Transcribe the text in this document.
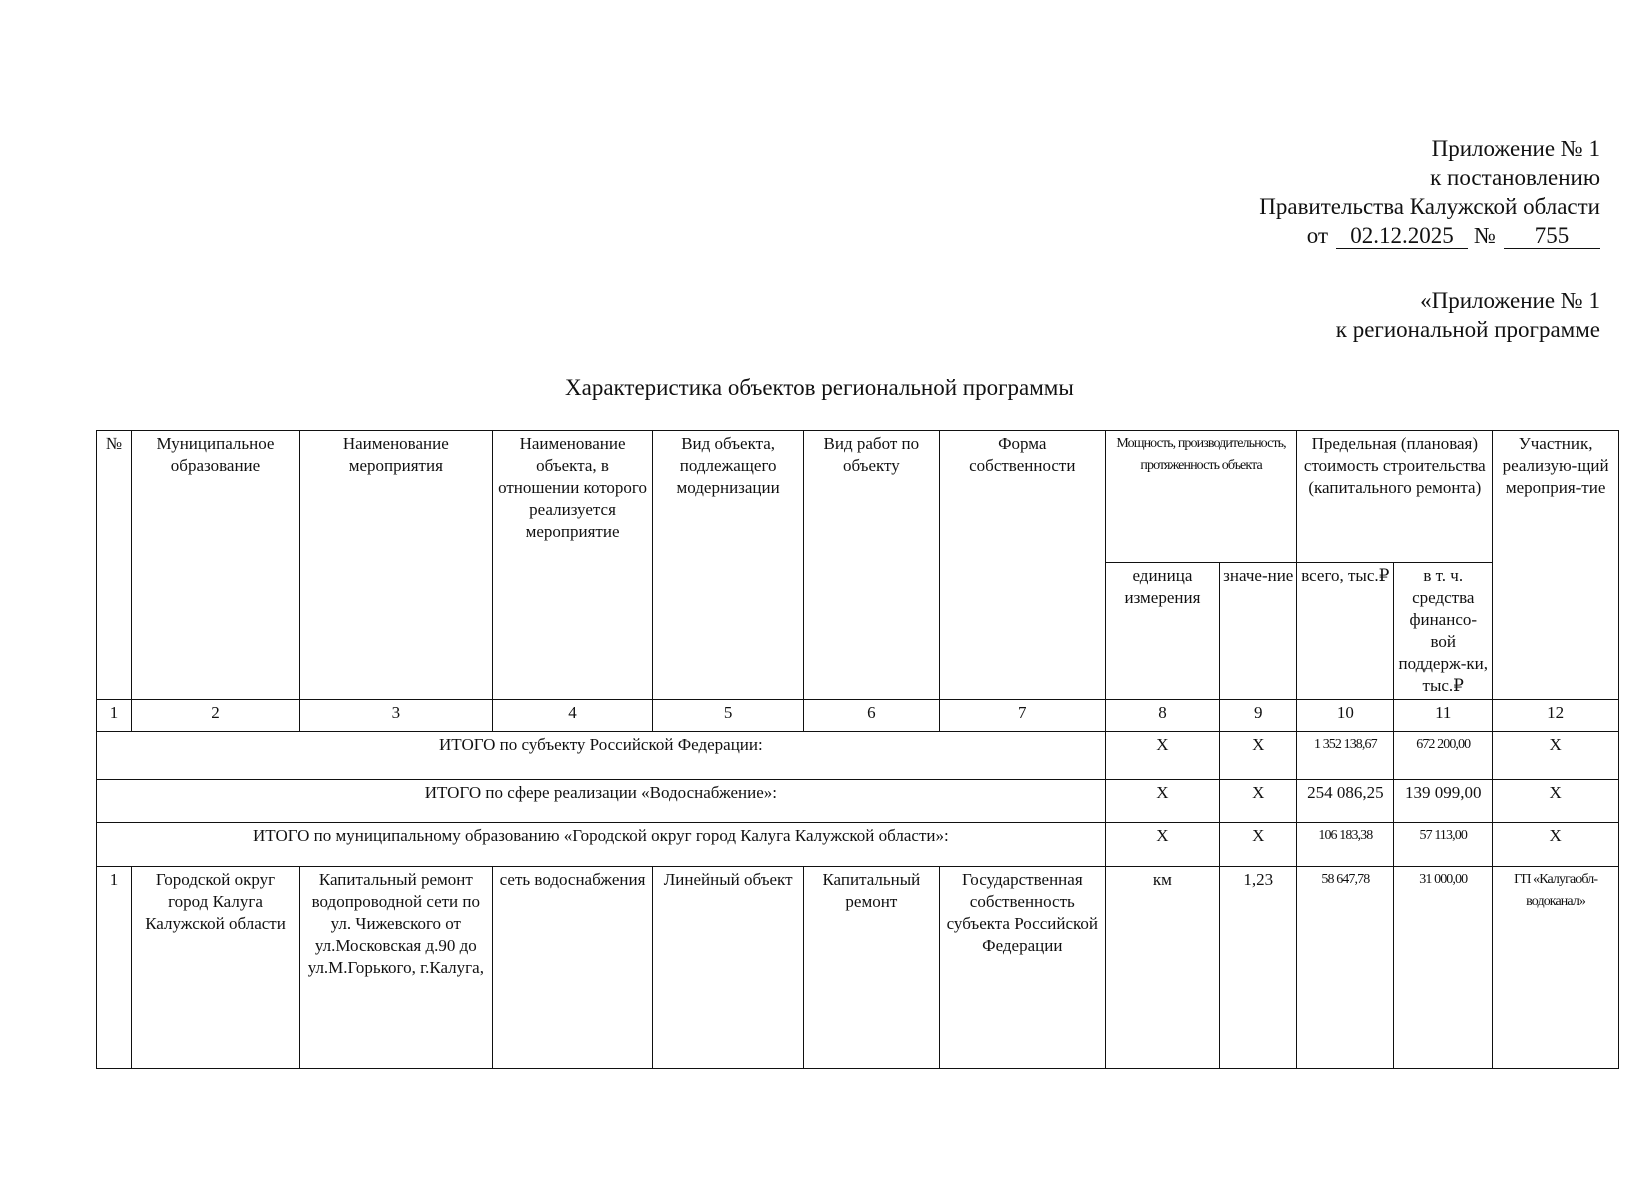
Приложение № 1
к постановлению
Правительства Калужской области
от 02.12.2025 № 755
«Приложение № 1
к региональной программе
Характеристика объектов региональной программы
№	Муниципальное образование	Наименование мероприятия	Наименование объекта, в отношении которого реализуется мероприятие	Вид объекта, подлежащего модернизации	Вид работ по объекту	Форма собственности	Мощность, производительность, протяженность объекта		Предельная (плановая) стоимость строительства (капитального ремонта)		Участник, реализую-щий мероприя-тие
							единица измерения	значе-ние	всего, тыс.₽	в т. ч. средства финансо-вой поддерж-ки, тыс.₽	
1	2	3	4	5	6	7	8	9	10	11	12
ИТОГО по субъекту Российской Федерации:							Х	Х	1 352 138,67	672 200,00	Х
ИТОГО по сфере реализации «Водоснабжение»:							Х	Х	254 086,25	139 099,00	Х
ИТОГО по муниципальному образованию «Городской округ город Калуга Калужской области»:							Х	Х	106 183,38	57 113,00	Х
1	Городской округ город Калуга Калужской области	Капитальный ремонт водопроводной сети по ул. Чижевского от ул.Московская д.90 до ул.М.Горького, г.Калуга,	сеть водоснабжения	Линейный объект	Капитальный ремонт	Государственная собственность субъекта Российской Федерации	км	1,23	58 647,78	31 000,00	ГП «Калугаобл-водоканал»
